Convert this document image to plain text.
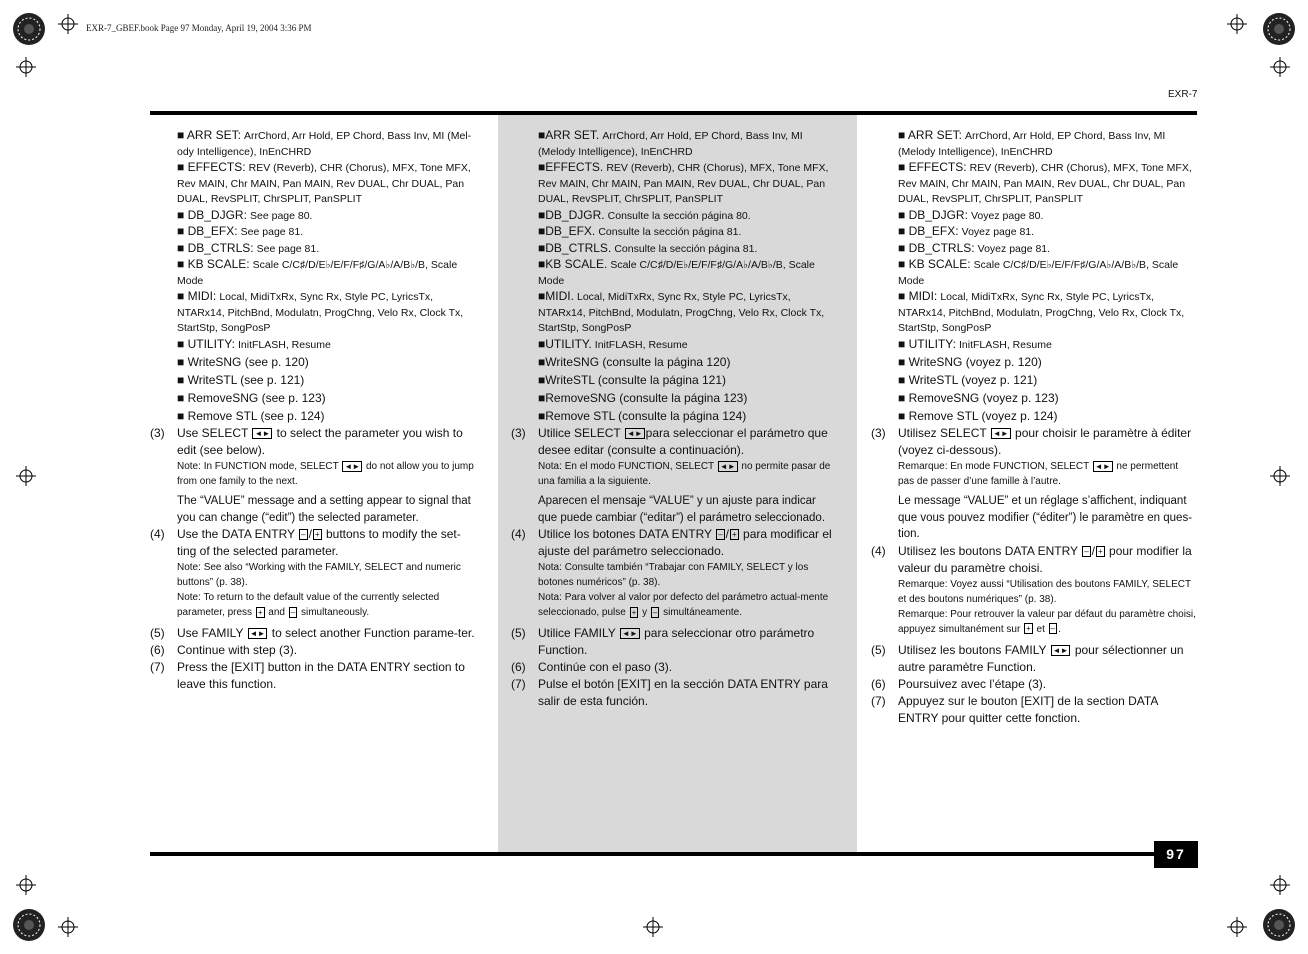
EXR-7_GBEF.book Page 97 Monday, April 19, 2004 3:36 PM
EXR-7
97

■ ARR SET: ArrChord, Arr Hold, EP Chord, Bass Inv, MI (Mel-ody Intelligence), InEnCHRD

■ EFFECTS: REV (Reverb), CHR (Chorus), MFX, Tone MFX, Rev MAIN, Chr MAIN, Pan MAIN, Rev DUAL, Chr DUAL, Pan DUAL, RevSPLIT, ChrSPLIT, PanSPLIT

■ DB_DJGR: See page 80.

■ DB_EFX: See page 81.

■ DB_CTRLS: See page 81.

■ KB SCALE: Scale C/C♯/D/E♭/E/F/F♯/G/A♭/A/B♭/B, Scale Mode

■ MIDI: Local, MidiTxRx, Sync Rx, Style PC, LyricsTx, NTARx14, PitchBnd, Modulatn, ProgChng, Velo Rx, Clock Tx, StartStp, SongPosP

■ UTILITY: InitFLASH, Resume

■ WriteSNG (see p. 120)

■ WriteSTL (see p. 121)

■ RemoveSNG (see p. 123)

■ Remove STL (see p. 124)

(3) Use SELECT ◄► to select the parameter you wish to edit (see below).

Note: In FUNCTION mode, SELECT ◄► do not allow you to jump from one family to the next.

The “VALUE” message and a setting appear to signal that you can change (“edit”) the selected parameter.

(4) Use the DATA ENTRY – / + buttons to modify the set-ting of the selected parameter.

Note: See also “Working with the FAMILY, SELECT and numeric buttons” (p. 38).

Note: To return to the default value of the currently selected parameter, press + and – simultaneously.

(5) Use FAMILY ◄► to select another Function parame-ter.

(6) Continue with step (3).

(7) Press the [EXIT] button in the DATA ENTRY section to leave this function.

■ARR SET. ArrChord, Arr Hold, EP Chord, Bass Inv, MI (Melody Intelligence), InEnCHRD

■EFFECTS. REV (Reverb), CHR (Chorus), MFX, Tone MFX, Rev MAIN, Chr MAIN, Pan MAIN, Rev DUAL, Chr DUAL, Pan DUAL, RevSPLIT, ChrSPLIT, PanSPLIT

■DB_DJGR. Consulte la sección página 80.

■DB_EFX. Consulte la sección página 81.

■DB_CTRLS. Consulte la sección página 81.

■KB SCALE. Scale C/C♯/D/E♭/E/F/F♯/G/A♭/A/B♭/B, Scale Mode

■MIDI. Local, MidiTxRx, Sync Rx, Style PC, LyricsTx, NTARx14, PitchBnd, Modulatn, ProgChng, Velo Rx, Clock Tx, StartStp, SongPosP

■UTILITY. InitFLASH, Resume

■WriteSNG (consulte la página 120)

■WriteSTL (consulte la página 121)

■RemoveSNG (consulte la página 123)

■Remove STL (consulte la página 124)

(3) Utilice SELECT ◄► para seleccionar el parámetro que desee editar (consulte a continuación).

Nota: En el modo FUNCTION, SELECT ◄► no permite pasar de una familia a la siguiente.

Aparecen el mensaje “VALUE” y un ajuste para indicar que puede cambiar (“editar”) el parámetro seleccionado.

(4) Utilice los botones DATA ENTRY – / + para modificar el ajuste del parámetro seleccionado.

Nota: Consulte también “Trabajar con FAMILY, SELECT y los botones numéricos” (p. 38).

Nota: Para volver al valor por defecto del parámetro actual-mente seleccionado, pulse + y – simultáneamente.

(5) Utilice FAMILY ◄► para seleccionar otro parámetro Function.

(6) Continúe con el paso (3).

(7) Pulse el botón [EXIT] en la sección DATA ENTRY para salir de esta función.

■ ARR SET: ArrChord, Arr Hold, EP Chord, Bass Inv, MI (Melody Intelligence), InEnCHRD

■ EFFECTS: REV (Reverb), CHR (Chorus), MFX, Tone MFX, Rev MAIN, Chr MAIN, Pan MAIN, Rev DUAL, Chr DUAL, Pan DUAL, RevSPLIT, ChrSPLIT, PanSPLIT

■ DB_DJGR: Voyez page 80.

■ DB_EFX: Voyez page 81.

■ DB_CTRLS: Voyez page 81.

■ KB SCALE: Scale C/C♯/D/E♭/E/F/F♯/G/A♭/A/B♭/B, Scale Mode

■ MIDI: Local, MidiTxRx, Sync Rx, Style PC, LyricsTx, NTARx14, PitchBnd, Modulatn, ProgChng, Velo Rx, Clock Tx, StartStp, SongPosP

■ UTILITY: InitFLASH, Resume

■ WriteSNG (voyez p. 120)

■ WriteSTL (voyez p. 121)

■ RemoveSNG (voyez p. 123)

■ Remove STL (voyez p. 124)

(3) Utilisez SELECT ◄► pour choisir le paramètre à éditer (voyez ci-dessous).

Remarque: En mode FUNCTION, SELECT ◄► ne permettent pas de passer d’une famille à l’autre.

Le message “VALUE” et un réglage s’affichent, indiquant que vous pouvez modifier (“éditer”) le paramètre en ques-tion.

(4) Utilisez les boutons DATA ENTRY – / + pour modifier la valeur du paramètre choisi.

Remarque: Voyez aussi “Utilisation des boutons FAMILY, SELECT et des boutons numériques” (p. 38).

Remarque: Pour retrouver la valeur par défaut du paramètre choisi, appuyez simultanément sur + et – .

(5) Utilisez les boutons FAMILY ◄► pour sélectionner un autre paramètre Function.

(6) Poursuivez avec l’étape (3).

(7) Appuyez sur le bouton [EXIT] de la section DATA ENTRY pour quitter cette fonction.
